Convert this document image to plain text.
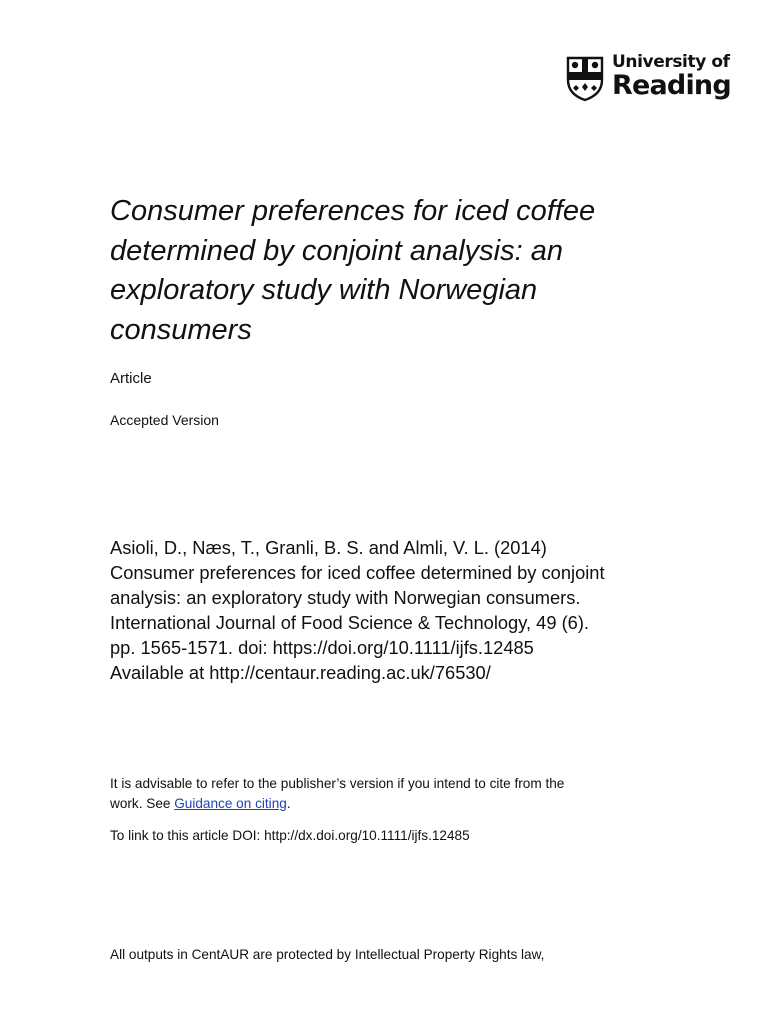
University of
Reading
Consumer preferences for iced coffee determined by conjoint analysis: an exploratory study with Norwegian consumers

Article

Accepted Version

Asioli, D., Næs, T., Granli, B. S. and Almli, V. L. (2014)
Consumer preferences for iced coffee determined by conjoint
analysis: an exploratory study with Norwegian consumers.
International Journal of Food Science & Technology, 49 (6).
pp. 1565-1571. doi: https://doi.org/10.1111/ijfs.12485
Available at http://centaur.reading.ac.uk/76530/

It is advisable to refer to the publisher’s version if you intend to cite from the
work. See Guidance on citing.

To link to this article DOI: http://dx.doi.org/10.1111/ijfs.12485

All outputs in CentAUR are protected by Intellectual Property Rights law,
